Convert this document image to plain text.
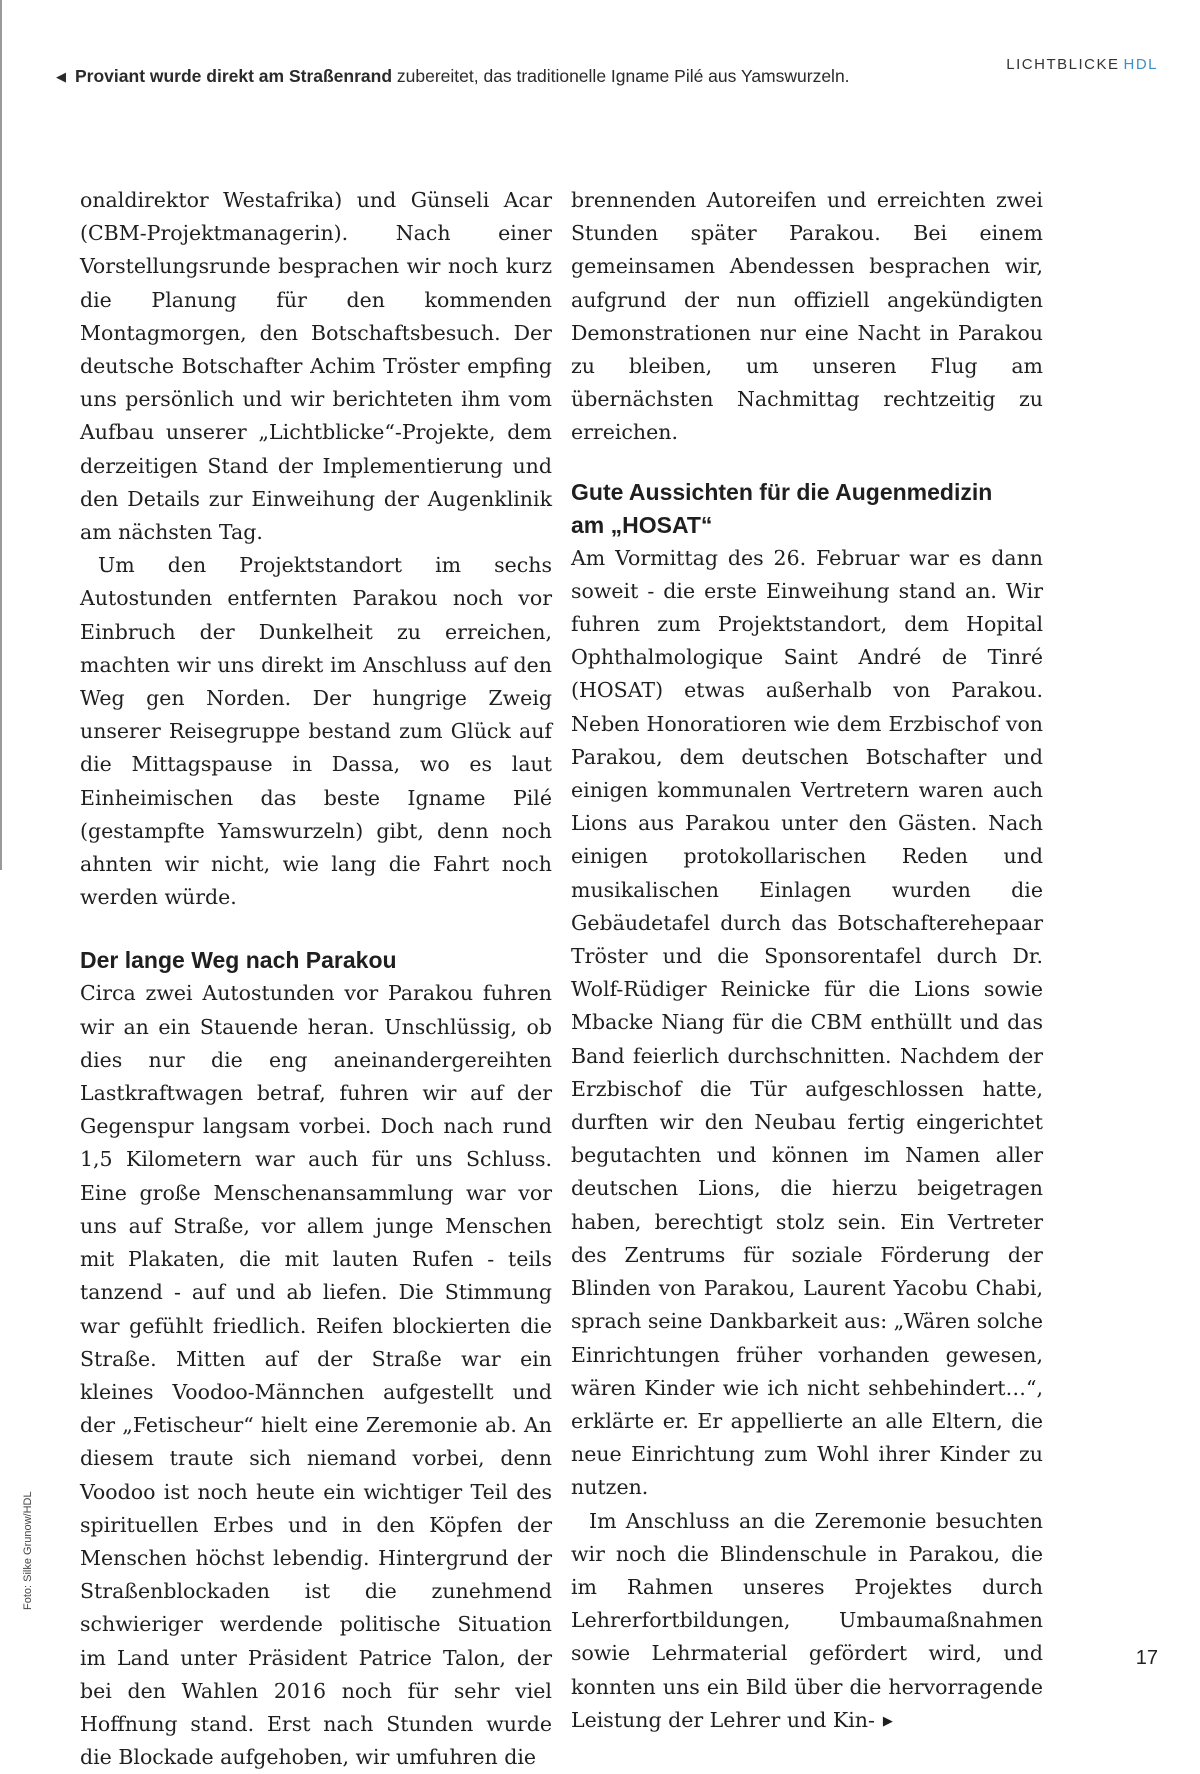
◀ Proviant wurde direkt am Straßenrand zubereitet, das traditionelle Igname Pilé aus Yamswurzeln.
LICHTBLICKE HDL
Foto: Silke Grunow/HDL

onaldirektor Westafrika) und Günseli Acar (CBM-Projektmanagerin). Nach einer Vorstellungsrunde besprachen wir noch kurz die Planung für den kommenden Montagmorgen, den Botschaftsbesuch. Der deutsche Botschafter Achim Tröster empfing uns persönlich und wir berichteten ihm vom Aufbau unserer „Lichtblicke“-Projekte, dem derzeitigen Stand der Implementierung und den Details zur Einweihung der Augenklinik am nächsten Tag.

Um den Projektstandort im sechs Autostunden entfernten Parakou noch vor Einbruch der Dunkelheit zu erreichen, machten wir uns direkt im Anschluss auf den Weg gen Norden. Der hungrige Zweig unserer Reisegruppe bestand zum Glück auf die Mittagspause in Dassa, wo es laut Einheimischen das beste Igname Pilé (gestampfte Yamswurzeln) gibt, denn noch ahnten wir nicht, wie lang die Fahrt noch werden würde.

Der lange Weg nach Parakou

Circa zwei Autostunden vor Parakou fuhren wir an ein Stauende heran. Unschlüssig, ob dies nur die eng aneinandergereihten Lastkraftwagen betraf, fuhren wir auf der Gegenspur langsam vorbei. Doch nach rund 1,5 Kilometern war auch für uns Schluss. Eine große Menschenansammlung war vor uns auf Straße, vor allem junge Menschen mit Plakaten, die mit lauten Rufen - teils tanzend - auf und ab liefen. Die Stimmung war gefühlt friedlich. Reifen blockierten die Straße. Mitten auf der Straße war ein kleines Voodoo-Männchen aufgestellt und der „Fetischeur“ hielt eine Zeremonie ab. An diesem traute sich niemand vorbei, denn Voodoo ist noch heute ein wichtiger Teil des spirituellen Erbes und in den Köpfen der Menschen höchst lebendig. Hintergrund der Straßenblockaden ist die zunehmend schwieriger werdende politische Situation im Land unter Präsident Patrice Talon, der bei den Wahlen 2016 noch für sehr viel Hoffnung stand. Erst nach Stunden wurde die Blockade aufgehoben, wir umfuhren die

brennenden Autoreifen und erreichten zwei Stunden später Parakou. Bei einem gemeinsamen Abendessen besprachen wir, aufgrund der nun offiziell angekündigten Demonstrationen nur eine Nacht in Parakou zu bleiben, um unseren Flug am übernächsten Nachmittag rechtzeitig zu erreichen.

Gute Aussichten für die Augenmedizin
am „HOSAT“

Am Vormittag des 26. Februar war es dann soweit - die erste Einweihung stand an. Wir fuhren zum Projektstandort, dem Hopital Ophthalmologique Saint André de Tinré (HOSAT) etwas außerhalb von Parakou. Neben Honoratioren wie dem Erzbischof von Parakou, dem deutschen Botschafter und einigen kommunalen Vertretern waren auch Lions aus Parakou unter den Gästen. Nach einigen protokollarischen Reden und musikalischen Einlagen wurden die Gebäudetafel durch das Botschafterehepaar Tröster und die Sponsorentafel durch Dr. Wolf-Rüdiger Reinicke für die Lions sowie Mbacke Niang für die CBM enthüllt und das Band feierlich durchschnitten. Nachdem der Erzbischof die Tür aufgeschlossen hatte, durften wir den Neubau fertig eingerichtet begutachten und können im Namen aller deutschen Lions, die hierzu beigetragen haben, berechtigt stolz sein. Ein Vertreter des Zentrums für soziale Förderung der Blinden von Parakou, Laurent Yacobu Chabi, sprach seine Dankbarkeit aus: „Wären solche Einrichtungen früher vorhanden gewesen, wären Kinder wie ich nicht sehbehindert…“, erklärte er. Er appellierte an alle Eltern, die neue Einrichtung zum Wohl ihrer Kinder zu nutzen.

Im Anschluss an die Zeremonie besuchten wir noch die Blindenschule in Parakou, die im Rahmen unseres Projektes durch Lehrerfortbildungen, Umbaumaßnahmen sowie Lehrmaterial gefördert wird, und konnten uns ein Bild über die hervorragende Leistung der Lehrer und Kin- ▶

17
